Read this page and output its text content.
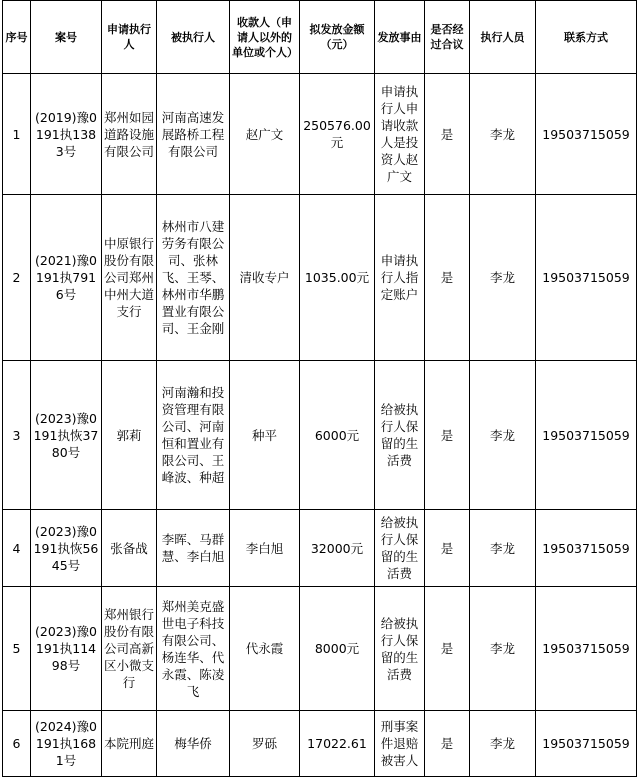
序号	案号	申请执行人	被执行人	收款人（申请人以外的单位或个人）	拟发放金额（元）	发放事由	是否经过合议	执行人员	联系方式
1	(2019)豫0191执1383号	郑州如园道路设施有限公司	河南高速发展路桥工程有限公司	赵广文	250576.00元	申请执行人申请收款人是投资人赵广文	是	李龙	19503715059
2	(2021)豫0191执7916号	中原银行股份有限公司郑州中州大道支行	林州市八建劳务有限公司、张林飞、王琴、林州市华鹏置业有限公司、王金刚	清收专户	1035.00元	申请执行人指定账户	是	李龙	19503715059
3	(2023)豫0191执恢3780号	郭莉	河南瀚和投资管理有限公司、河南恒和置业有限公司、王峰波、种超	种平	6000元	给被执行人保留的生活费	是	李龙	19503715059
4	(2023)豫0191执恢5645号	张备战	李晖、马群慧、李白旭	李白旭	32000元	给被执行人保留的生活费	是	李龙	19503715059
5	(2023)豫0191执11498号	郑州银行股份有限公司高新区小微支行	郑州美克盛世电子科技有限公司、杨连华、代永霞、陈凌飞	代永霞	8000元	给被执行人保留的生活费	是	李龙	19503715059
6	(2024)豫0191执1681号	本院刑庭	梅华侨	罗砾	17022.61	刑事案件退赔被害人	是	李龙	19503715059
